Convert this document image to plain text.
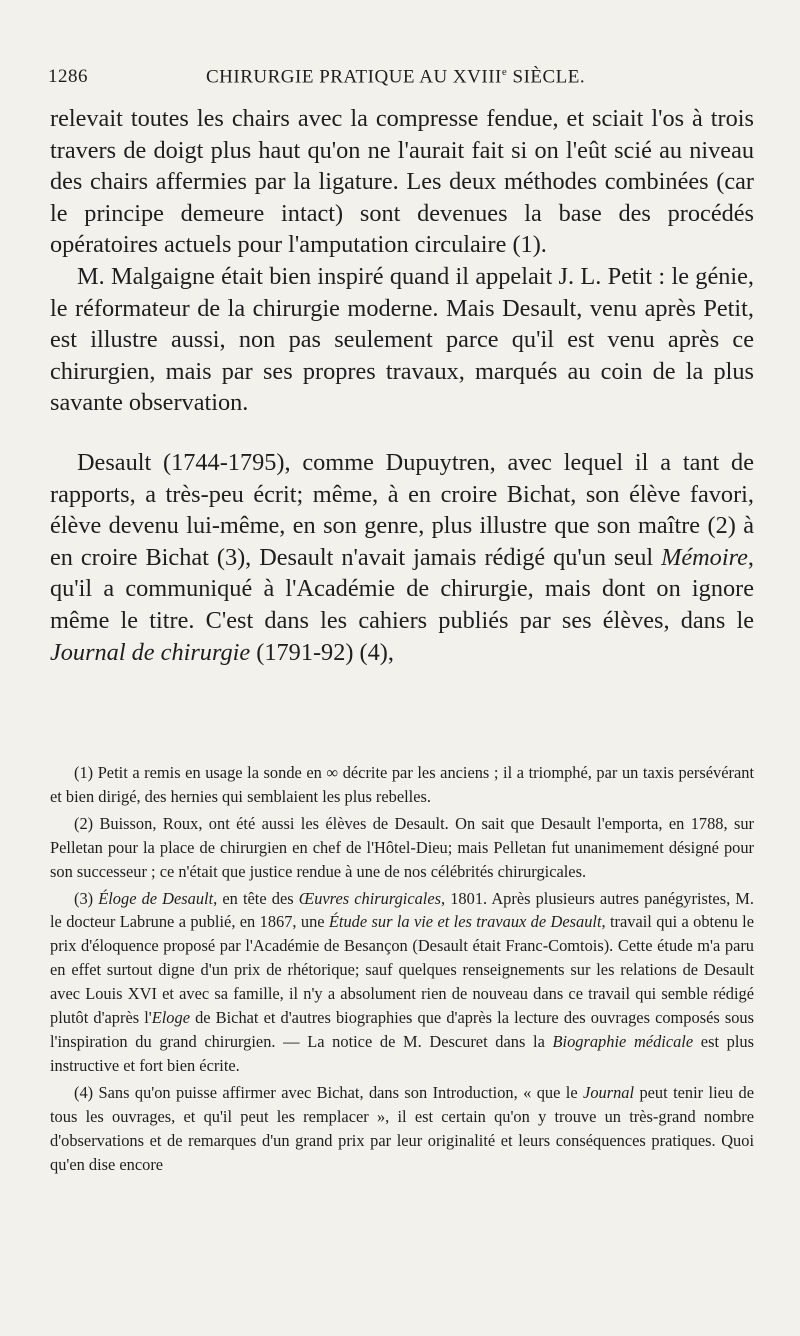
1286	CHIRURGIE PRATIQUE AU XVIIIe SIÈCLE.

relevait toutes les chairs avec la compresse fendue, et sciait l'os à trois travers de doigt plus haut qu'on ne l'aurait fait si on l'eût scié au niveau des chairs affermies par la ligature. Les deux méthodes combinées (car le principe demeure intact) sont devenues la base des procédés opératoires actuels pour l'amputation circulaire (1).

M. Malgaigne était bien inspiré quand il appelait J. L. Petit : le génie, le réformateur de la chirurgie moderne. Mais Desault, venu après Petit, est illustre aussi, non pas seulement parce qu'il est venu après ce chirurgien, mais par ses propres travaux, marqués au coin de la plus savante observation.

Desault (1744-1795), comme Dupuytren, avec lequel il a tant de rapports, a très-peu écrit; même, à en croire Bichat, son élève favori, élève devenu lui-même, en son genre, plus illustre que son maître (2) à en croire Bichat (3), Desault n'avait jamais rédigé qu'un seul Mémoire, qu'il a communiqué à l'Académie de chirurgie, mais dont on ignore même le titre. C'est dans les cahiers publiés par ses élèves, dans le Journal de chirurgie (1791-92) (4),

(1) Petit a remis en usage la sonde en ∞ décrite par les anciens ; il a triomphé, par un taxis persévérant et bien dirigé, des hernies qui semblaient les plus rebelles.

(2) Buisson, Roux, ont été aussi les élèves de Desault. On sait que Desault l'emporta, en 1788, sur Pelletan pour la place de chirurgien en chef de l'Hôtel-Dieu; mais Pelletan fut unanimement désigné pour son successeur ; ce n'était que justice rendue à une de nos célébrités chirurgicales.

(3) Éloge de Desault, en tête des Œuvres chirurgicales, 1801. Après plusieurs autres panégyristes, M. le docteur Labrune a publié, en 1867, une Étude sur la vie et les travaux de Desault, travail qui a obtenu le prix d'éloquence proposé par l'Académie de Besançon (Desault était Franc-Comtois). Cette étude m'a paru en effet surtout digne d'un prix de rhétorique; sauf quelques renseignements sur les relations de Desault avec Louis XVI et avec sa famille, il n'y a absolument rien de nouveau dans ce travail qui semble rédigé plutôt d'après l'Eloge de Bichat et d'autres biographies que d'après la lecture des ouvrages composés sous l'inspiration du grand chirurgien. — La notice de M. Descuret dans la Biographie médicale est plus instructive et fort bien écrite.

(4) Sans qu'on puisse affirmer avec Bichat, dans son Introduction, « que le Journal peut tenir lieu de tous les ouvrages, et qu'il peut les remplacer », il est certain qu'on y trouve un très-grand nombre d'observations et de remarques d'un grand prix par leur originalité et leurs conséquences pratiques. Quoi qu'en dise encore
